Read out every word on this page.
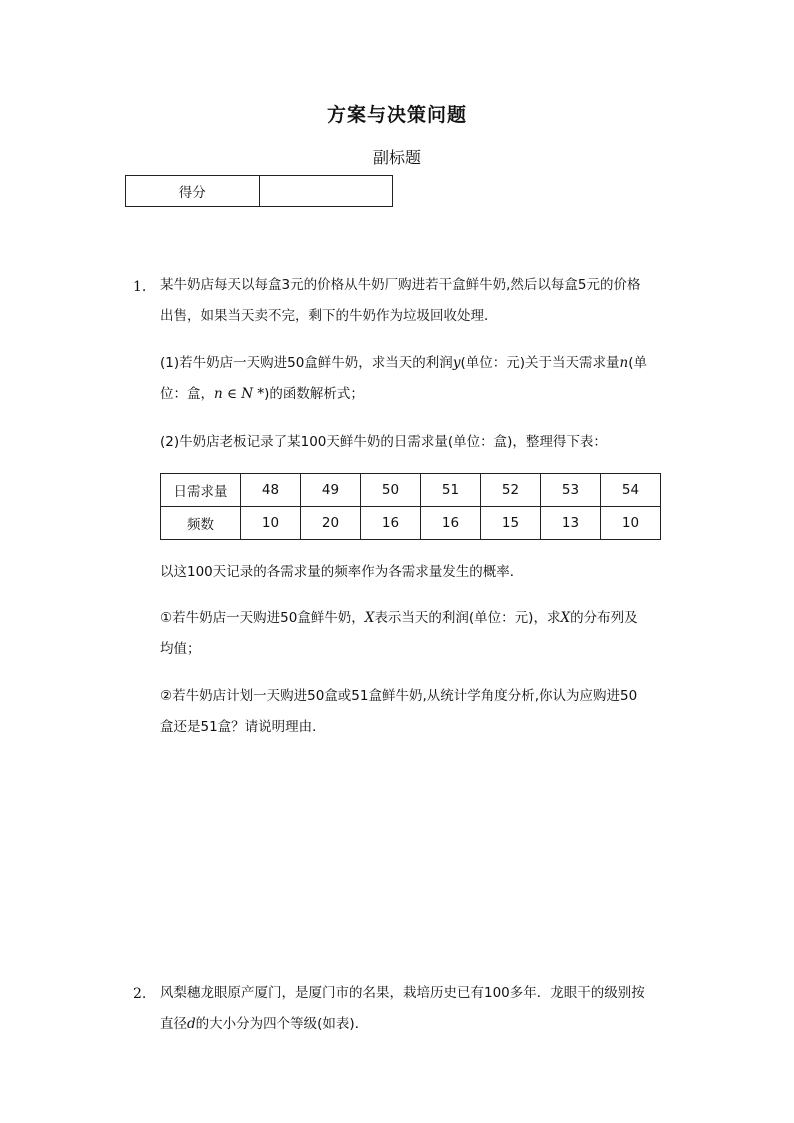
方案与决策问题
副标题
得分	
1. 某牛奶店每天以每盒3元的价格从牛奶厂购进若干盒鲜牛奶,然后以每盒5元的价格
出售，如果当天卖不完，剩下的牛奶作为垃圾回收处理．

(1)若牛奶店一天购进50盒鲜牛奶，求当天的利润y(单位：元)关于当天需求量n(单
位：盒，n ∈ N *)的函数解析式；

(2)牛奶店老板记录了某100天鲜牛奶的日需求量(单位：盒)，整理得下表：

日需求量	48	49	50	51	52	53	54
频数	10	20	16	16	15	13	10

以这100天记录的各需求量的频率作为各需求量发生的概率．

①若牛奶店一天购进50盒鲜牛奶，X表示当天的利润(单位：元)，求X的分布列及
均值；

②若牛奶店计划一天购进50盒或51盒鲜牛奶,从统计学角度分析,你认为应购进50
盒还是51盒？请说明理由．

2. 风梨穗龙眼原产厦门，是厦门市的名果，栽培历史已有100多年．龙眼干的级别按
直径d的大小分为四个等级(如表)．
